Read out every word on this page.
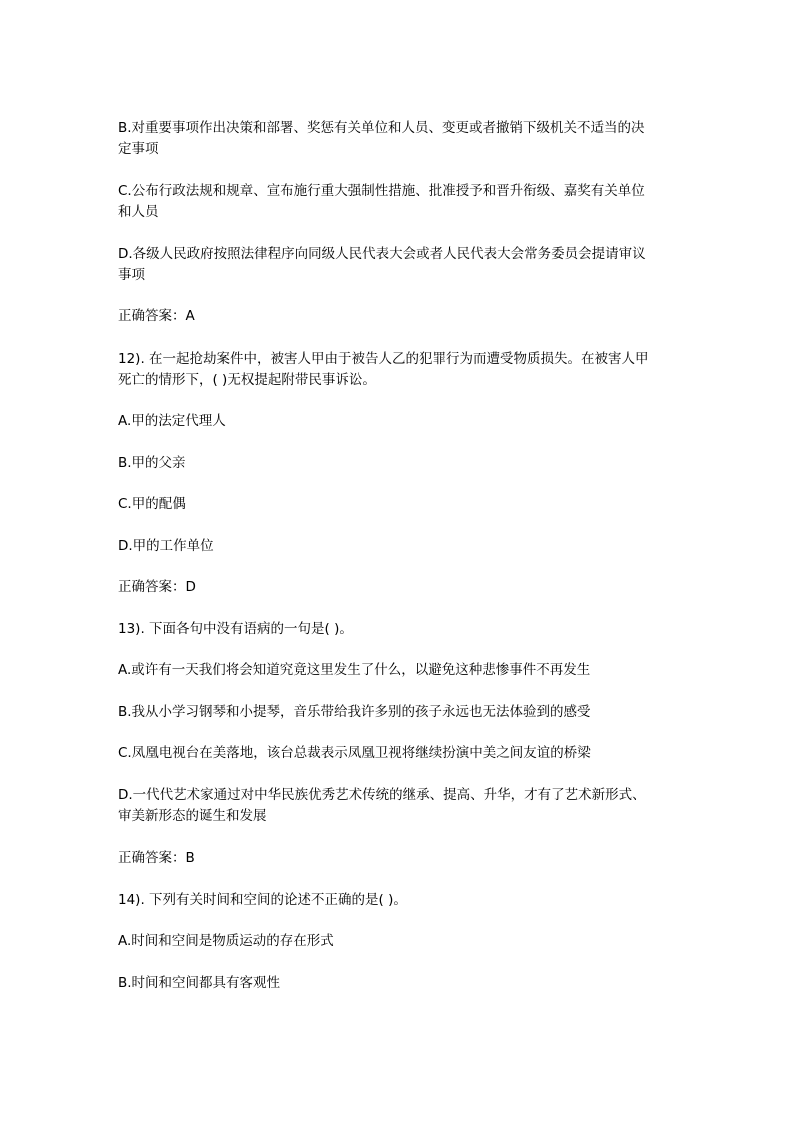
B.对重要事项作出决策和部署、奖惩有关单位和人员、变更或者撤销下级机关不适当的决
定事项
C.公布行政法规和规章、宣布施行重大强制性措施、批准授予和晋升衔级、嘉奖有关单位
和人员
D.各级人民政府按照法律程序向同级人民代表大会或者人民代表大会常务委员会提请审议
事项
正确答案：A
12). 在一起抢劫案件中，被害人甲由于被告人乙的犯罪行为而遭受物质损失。在被害人甲
死亡的情形下，( )无权提起附带民事诉讼。
A.甲的法定代理人
B.甲的父亲
C.甲的配偶
D.甲的工作单位
正确答案：D
13). 下面各句中没有语病的一句是( )。
A.或许有一天我们将会知道究竟这里发生了什么，以避免这种悲惨事件不再发生
B.我从小学习钢琴和小提琴，音乐带给我许多别的孩子永远也无法体验到的感受
C.凤凰电视台在美落地，该台总裁表示凤凰卫视将继续扮演中美之间友谊的桥梁
D.一代代艺术家通过对中华民族优秀艺术传统的继承、提高、升华，才有了艺术新形式、
审美新形态的诞生和发展
正确答案：B
14). 下列有关时间和空间的论述不正确的是( )。
A.时间和空间是物质运动的存在形式
B.时间和空间都具有客观性
